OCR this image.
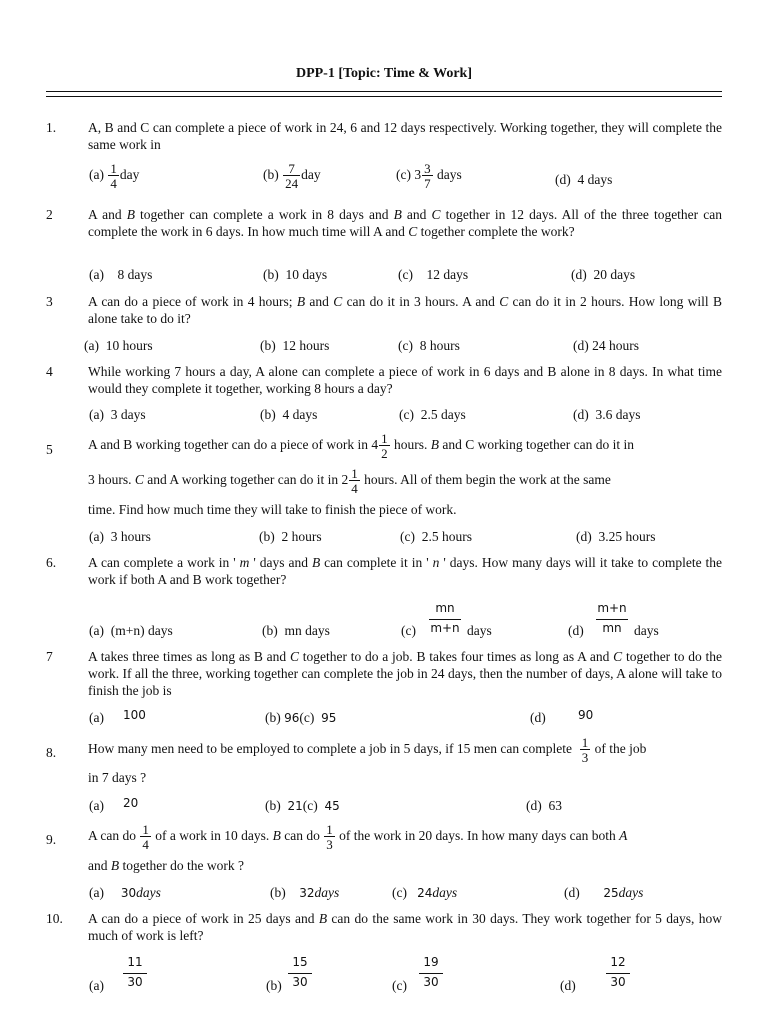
DPP-1 [Topic: Time & Work]
1.	A, B and C can complete a piece of work in 24, 6 and 12 days respectively. Working together, they will complete the same work in
$(a) \frac{1}{4}$ day	$(b) \frac{7}{24}$ day	(c) $3 \frac{3}{7}$ days	(d) 4 days
2	A and B together can complete a work in 8 days and B and C together in 12 days. All of the three together can complete the work in 6 days. In how much time will A and C together complete the work?
(a)    8 days	(b)  10 days	(c)    12 days	(d)  20 days
3	A can do a piece of work in 4 hours; B and C can do it in 3 hours. A and C can do it in 2 hours. How long will B alone take to do it?
(a)  10 hours	(b)  12 hours	(c)  8 hours	(d) 24 hours
4	While working 7 hours a day, A alone can complete a piece of work in 6 days and B alone in 8 days. In what time would they complete it together, working 8 hours a day?
(a)  3 days	(b)  4 days	(c)  2.5 days	(d)  3.6 days
5	A and B working together can do a piece of work in $4 \frac{1}{2}$ hours. B and C working together can do it in
3 hours. C and A working together can do it in $2 \frac{1}{4}$ hours. All of them begin the work at the same
time. Find how much time they will take to finish the piece of work.
(a)  3 hours	(b)  2 hours	(c)  2.5 hours	(d)  3.25 hours
6.	A can complete a work in ' m ' days and B can complete it in ' n ' days. How many days will it take to complete the work if both A and B work together?
(a)  (m+n) days	(b)  mn days	(c)
mn
m+n days	(d)
m+n
mn days
7	A takes three times as long as B and C together to do a job. B takes four times as long as A and C together to do the work. If all the three, working together can complete the job in 24 days, then the number of days, A alone will take to finish the job is
(a) 100	(b) 96(c) 95	(d)	90
8.	How many men need to be employed to complete a job in 5 days, if 15 men can complete $\frac{1}{3}$ of the job
in 7 days ?
(a) 20	(b) 21(c) 45	(d)  63
9.	A can do $\frac{1}{4}$ of a work in 10 days. B can do $\frac{1}{3}$ of the work in 20 days. In how many days can both A
and B together do the work ?
(a) 30days	(b) 32days	(c) 24days	(d) 25days
10.	A can do a piece of work in 25 days and B can do the same work in 30 days. They work together for 5 days, how much of work is left?
(a)
11
30	(b)
15
30	(c)
19
30	(d)
12
30
